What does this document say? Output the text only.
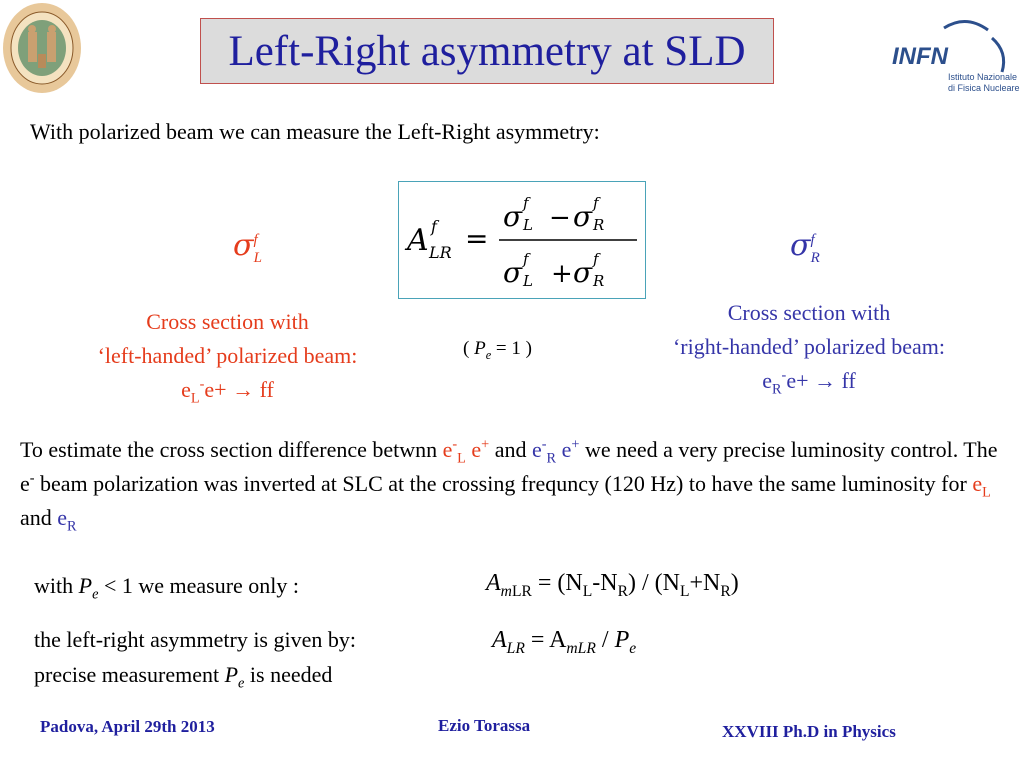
INFN
Istituto Nazionale
di Fisica Nucleare
Left-Right asymmetry at SLD
With polarized beam we can measure the Left-Right asymmetry:
A f
LR =
σ f
L − σ f
R
σ f
L + σ f
R
$\sigma^f_L$	$\sigma^f_R$
Cross section with
‘left-handed’ polarized beam:
$e_L^-e+$ → ff
( $P_e = 1$ )
Cross section with
‘right-handed’ polarized beam:
$e_R^-e+$ → ff
To estimate the cross section difference betwnn $e^-_L$ e+ and $e^-_R$ e+ we need a very precise luminosity control. The e- beam polarization was inverted at SLC at the crossing frequncy (120 Hz) to have the same luminosity for $e_L$ and $e_R$
with $P_e < 1$ we measure only :	$A_{mLR} = (N_L-N_R) / (N_L+N_R)$
the left-right asymmetry is given by:	$A_{LR} = A_{mLR} / P_e$
precise measurement $P_e$ is needed
Padova, April 29th 2013	Ezio Torassa	XXVIII Ph.D in Physics
